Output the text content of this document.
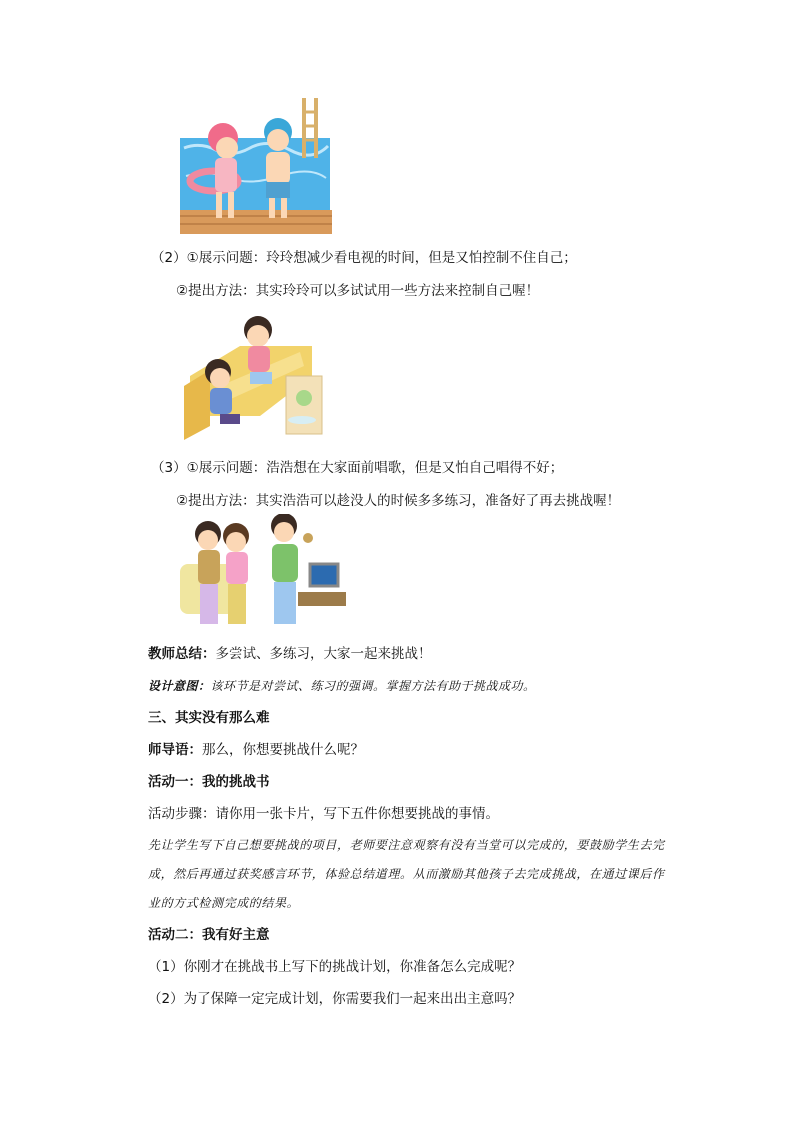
（2）①展示问题：玲玲想减少看电视的时间，但是又怕控制不住自己；
②提出方法：其实玲玲可以多试试用一些方法来控制自己喔！
（3）①展示问题：浩浩想在大家面前唱歌，但是又怕自己唱得不好；
②提出方法：其实浩浩可以趁没人的时候多多练习，准备好了再去挑战喔！
教师总结：多尝试、多练习，大家一起来挑战！
设计意图：该环节是对尝试、练习的强调。掌握方法有助于挑战成功。
三、其实没有那么难
师导语：那么，你想要挑战什么呢？
活动一：我的挑战书
活动步骤：请你用一张卡片，写下五件你想要挑战的事情。
先让学生写下自己想要挑战的项目，老师要注意观察有没有当堂可以完成的，要鼓励学生去完成，然后再通过获奖感言环节，体验总结道理。从而激励其他孩子去完成挑战，在通过课后作业的方式检测完成的结果。
活动二：我有好主意
（1）你刚才在挑战书上写下的挑战计划，你准备怎么完成呢？
（2）为了保障一定完成计划，你需要我们一起来出出主意吗？
